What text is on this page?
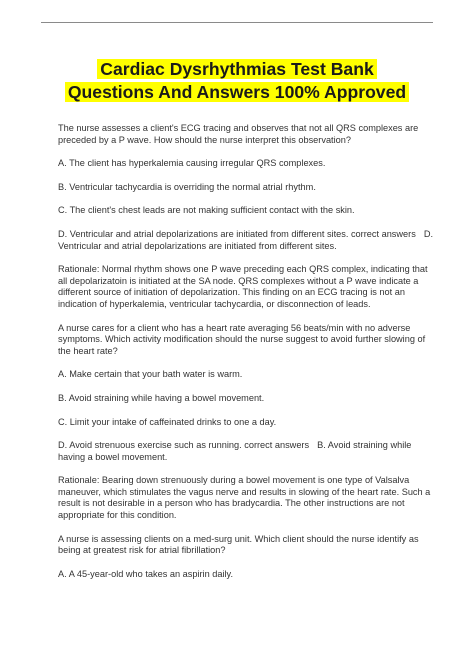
Cardiac Dysrhythmias Test Bank Questions And Answers 100% Approved

The nurse assesses a client's ECG tracing and observes that not all QRS complexes are preceded by a P wave. How should the nurse interpret this observation?

A. The client has hyperkalemia causing irregular QRS complexes.

B. Ventricular tachycardia is overriding the normal atrial rhythm.

C. The client's chest leads are not making sufficient contact with the skin.

D. Ventricular and atrial depolarizations are initiated from different sites. correct answers D. Ventricular and atrial depolarizations are initiated from different sites.

Rationale: Normal rhythm shows one P wave preceding each QRS complex, indicating that all depolarizatoin is initiated at the SA node. QRS complexes without a P wave indicate a different source of initiation of depolarization. This finding on an ECG tracing is not an indication of hyperkalemia, ventricular tachycardia, or disconnection of leads.

A nurse cares for a client who has a heart rate averaging 56 beats/min with no adverse symptoms. Which activity modification should the nurse suggest to avoid further slowing of the heart rate?

A. Make certain that your bath water is warm.

B. Avoid straining while having a bowel movement.

C. Limit your intake of caffeinated drinks to one a day.

D. Avoid strenuous exercise such as running. correct answers B. Avoid straining while having a bowel movement.

Rationale: Bearing down strenuously during a bowel movement is one type of Valsalva maneuver, which stimulates the vagus nerve and results in slowing of the heart rate. Such a result is not desirable in a person who has bradycardia. The other instructions are not appropriate for this condition.

A nurse is assessing clients on a med-surg unit. Which client should the nurse identify as being at greatest risk for atrial fibrillation?

A. A 45-year-old who takes an aspirin daily.
